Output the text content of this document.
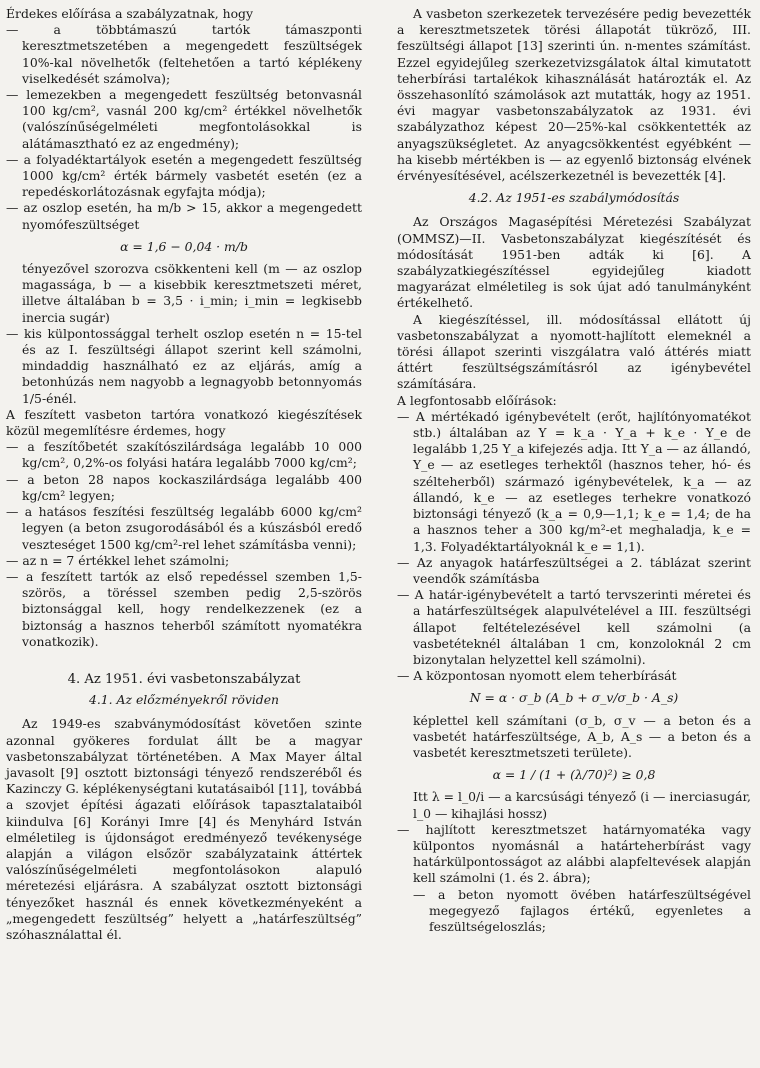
Érdekes előírása a szabályzatnak, hogy

— a többtámaszú tartók támaszponti keresztmetszetében a megengedett feszültségek 10%-kal növelhetők (feltehetően a tartó képlékeny viselkedését számolva);

— lemezekben a megengedett feszültség betonvasnál 100 kg/cm², vasnál 200 kg/cm² értékkel növelhetők (valószínűségelméleti megfontolásokkal is alátámasztható ez az engedmény);

— a folyadéktartályok esetén a megengedett feszültség 1000 kg/cm² érték bármely vasbetét esetén (ez a repedéskorlátozásnak egyfajta módja);

— az oszlop esetén, ha m/b > 15, akkor a megengedett nyomófeszültséget

α = 1,6 − 0,04 · m/b

tényezővel szorozva csökkenteni kell (m — az oszlop magassága, b — a kisebbik keresztmetszeti méret, illetve általában b = 3,5 · i_min; i_min = legkisebb inercia sugár)

— kis külpontossággal terhelt oszlop esetén n = 15-tel és az I. feszültségi állapot szerint kell számolni, mindaddig használható ez az eljárás, amíg a betonhúzás nem nagyobb a legnagyobb betonnyomás 1/5-énél.

A feszített vasbeton tartóra vonatkozó kiegészítések közül megemlítésre érdemes, hogy

— a feszítőbetét szakítószilárdsága legalább 10 000 kg/cm², 0,2%-os folyási határa legalább 7000 kg/cm²;

— a beton 28 napos kockaszilárdsága legalább 400 kg/cm² legyen;

— a hatásos feszítési feszültség legalább 6000 kg/cm² legyen (a beton zsugorodásából és a kúszásból eredő veszteséget 1500 kg/cm²-rel lehet számításba venni);

— az n = 7 értékkel lehet számolni;

— a feszített tartók az első repedéssel szemben 1,5-szörös, a töréssel szemben pedig 2,5-szörös biztonsággal kell, hogy rendelkezzenek (ez a biztonság a hasznos teherből számított nyomatékra vonatkozik).

4. Az 1951. évi vasbetonszabályzat

4.1. Az előzményekről röviden

Az 1949-es szabványmódosítást követően szinte azonnal gyökeres fordulat állt be a magyar vasbetonszabályzat történetében. A Max Mayer által javasolt [9] osztott biztonsági tényező rendszeréből és Kazinczy G. képlékenységtani kutatásaiból [11], továbbá a szovjet építési ágazati előírások tapasztalataiból kiindulva [6] Korányi Imre [4] és Menyhárd István elméletileg is újdonságot eredményező tevékenysége alapján a világon elsőzör szabályzataink áttértek valószínűségelméleti megfontolásokon alapuló méretezési eljárásra. A szabályzat osztott biztonsági tényezőket használ és ennek következményeként a „megengedett feszültség” helyett a „határfeszültség” szóhasználattal él.

A vasbeton szerkezetek tervezésére pedig bevezették a keresztmetszetek törési állapotát tükröző, III. feszültségi állapot [13] szerinti ún. n-mentes számítást. Ezzel egyidejűleg szerkezetvizsgálatok által kimutatott teherbírási tartalékok kihasználását határozták el. Az összehasonlító számolások azt mutatták, hogy az 1951. évi magyar vasbetonszabályzatok az 1931. évi szabályzathoz képest 20—25%-kal csökkentették az anyagszükségletet. Az anyagcsökkentést egyébként — ha kisebb mértékben is — az egyenlő biztonság elvének érvényesítésével, acélszerkezetnél is bevezették [4].

4.2. Az 1951-es szabálymódosítás

Az Országos Magasépítési Méretezési Szabályzat (OMMSZ)—II. Vasbetonszabályzat kiegészítését és módosítását 1951-ben adták ki [6]. A szabályzatkiegészítéssel egyidejűleg kiadott magyarázat elméletileg is sok újat adó tanulmányként értékelhető.

A kiegészítéssel, ill. módosítással ellátott új vasbetonszabályzat a nyomott-hajlított elemeknél a törési állapot szerinti viszgálatra való áttérés miatt áttért feszültségszámításról az igénybevétel számítására.

A legfontosabb előírások:

— A mértékadó igénybevételt (erőt, hajlítónyomatékot stb.) általában az Y = k_a · Y_a + k_e · Y_e de legalább 1,25 Y_a kifejezés adja. Itt Y_a — az állandó, Y_e — az esetleges terhektől (hasznos teher, hó- és szélteherből) származó igénybevételek, k_a — az állandó, k_e — az esetleges terhekre vonatkozó biztonsági tényező (k_a = 0,9—1,1; k_e = 1,4; de ha a hasznos teher a 300 kg/m²-et meghaladja, k_e = 1,3. Folyadéktartályoknál k_e = 1,1).

— Az anyagok határfeszültségei a 2. táblázat szerint veendők számításba

— A határ-igénybevételt a tartó tervszerinti méretei és a határfeszültségek alapulvételével a III. feszültségi állapot feltételezésével kell számolni (a vasbetéteknél általában 1 cm, konzoloknál 2 cm bizonytalan helyzettel kell számolni).

— A központosan nyomott elem teherbírását

N = α · σ_b (A_b + σ_v/σ_b · A_s)

képlettel kell számítani (σ_b, σ_v — a beton és a vasbetét határfeszültsége, A_b, A_s — a beton és a vasbetét keresztmetszeti területe).

α = 1 / (1 + (λ/70)²) ≥ 0,8

Itt λ = l_0/i — a karcsúsági tényező (i — inerciasugár, l_0 — kihajlási hossz)

— hajlított keresztmetszet határnyomatéka vagy külpontos nyomásnál a határteherbírást vagy határkülpontosságot az alábbi alapfeltevések alapján kell számolni (1. és 2. ábra);

— a beton nyomott övében határfeszültségével megegyező fajlagos értékű, egyenletes a feszültségeloszlás;
